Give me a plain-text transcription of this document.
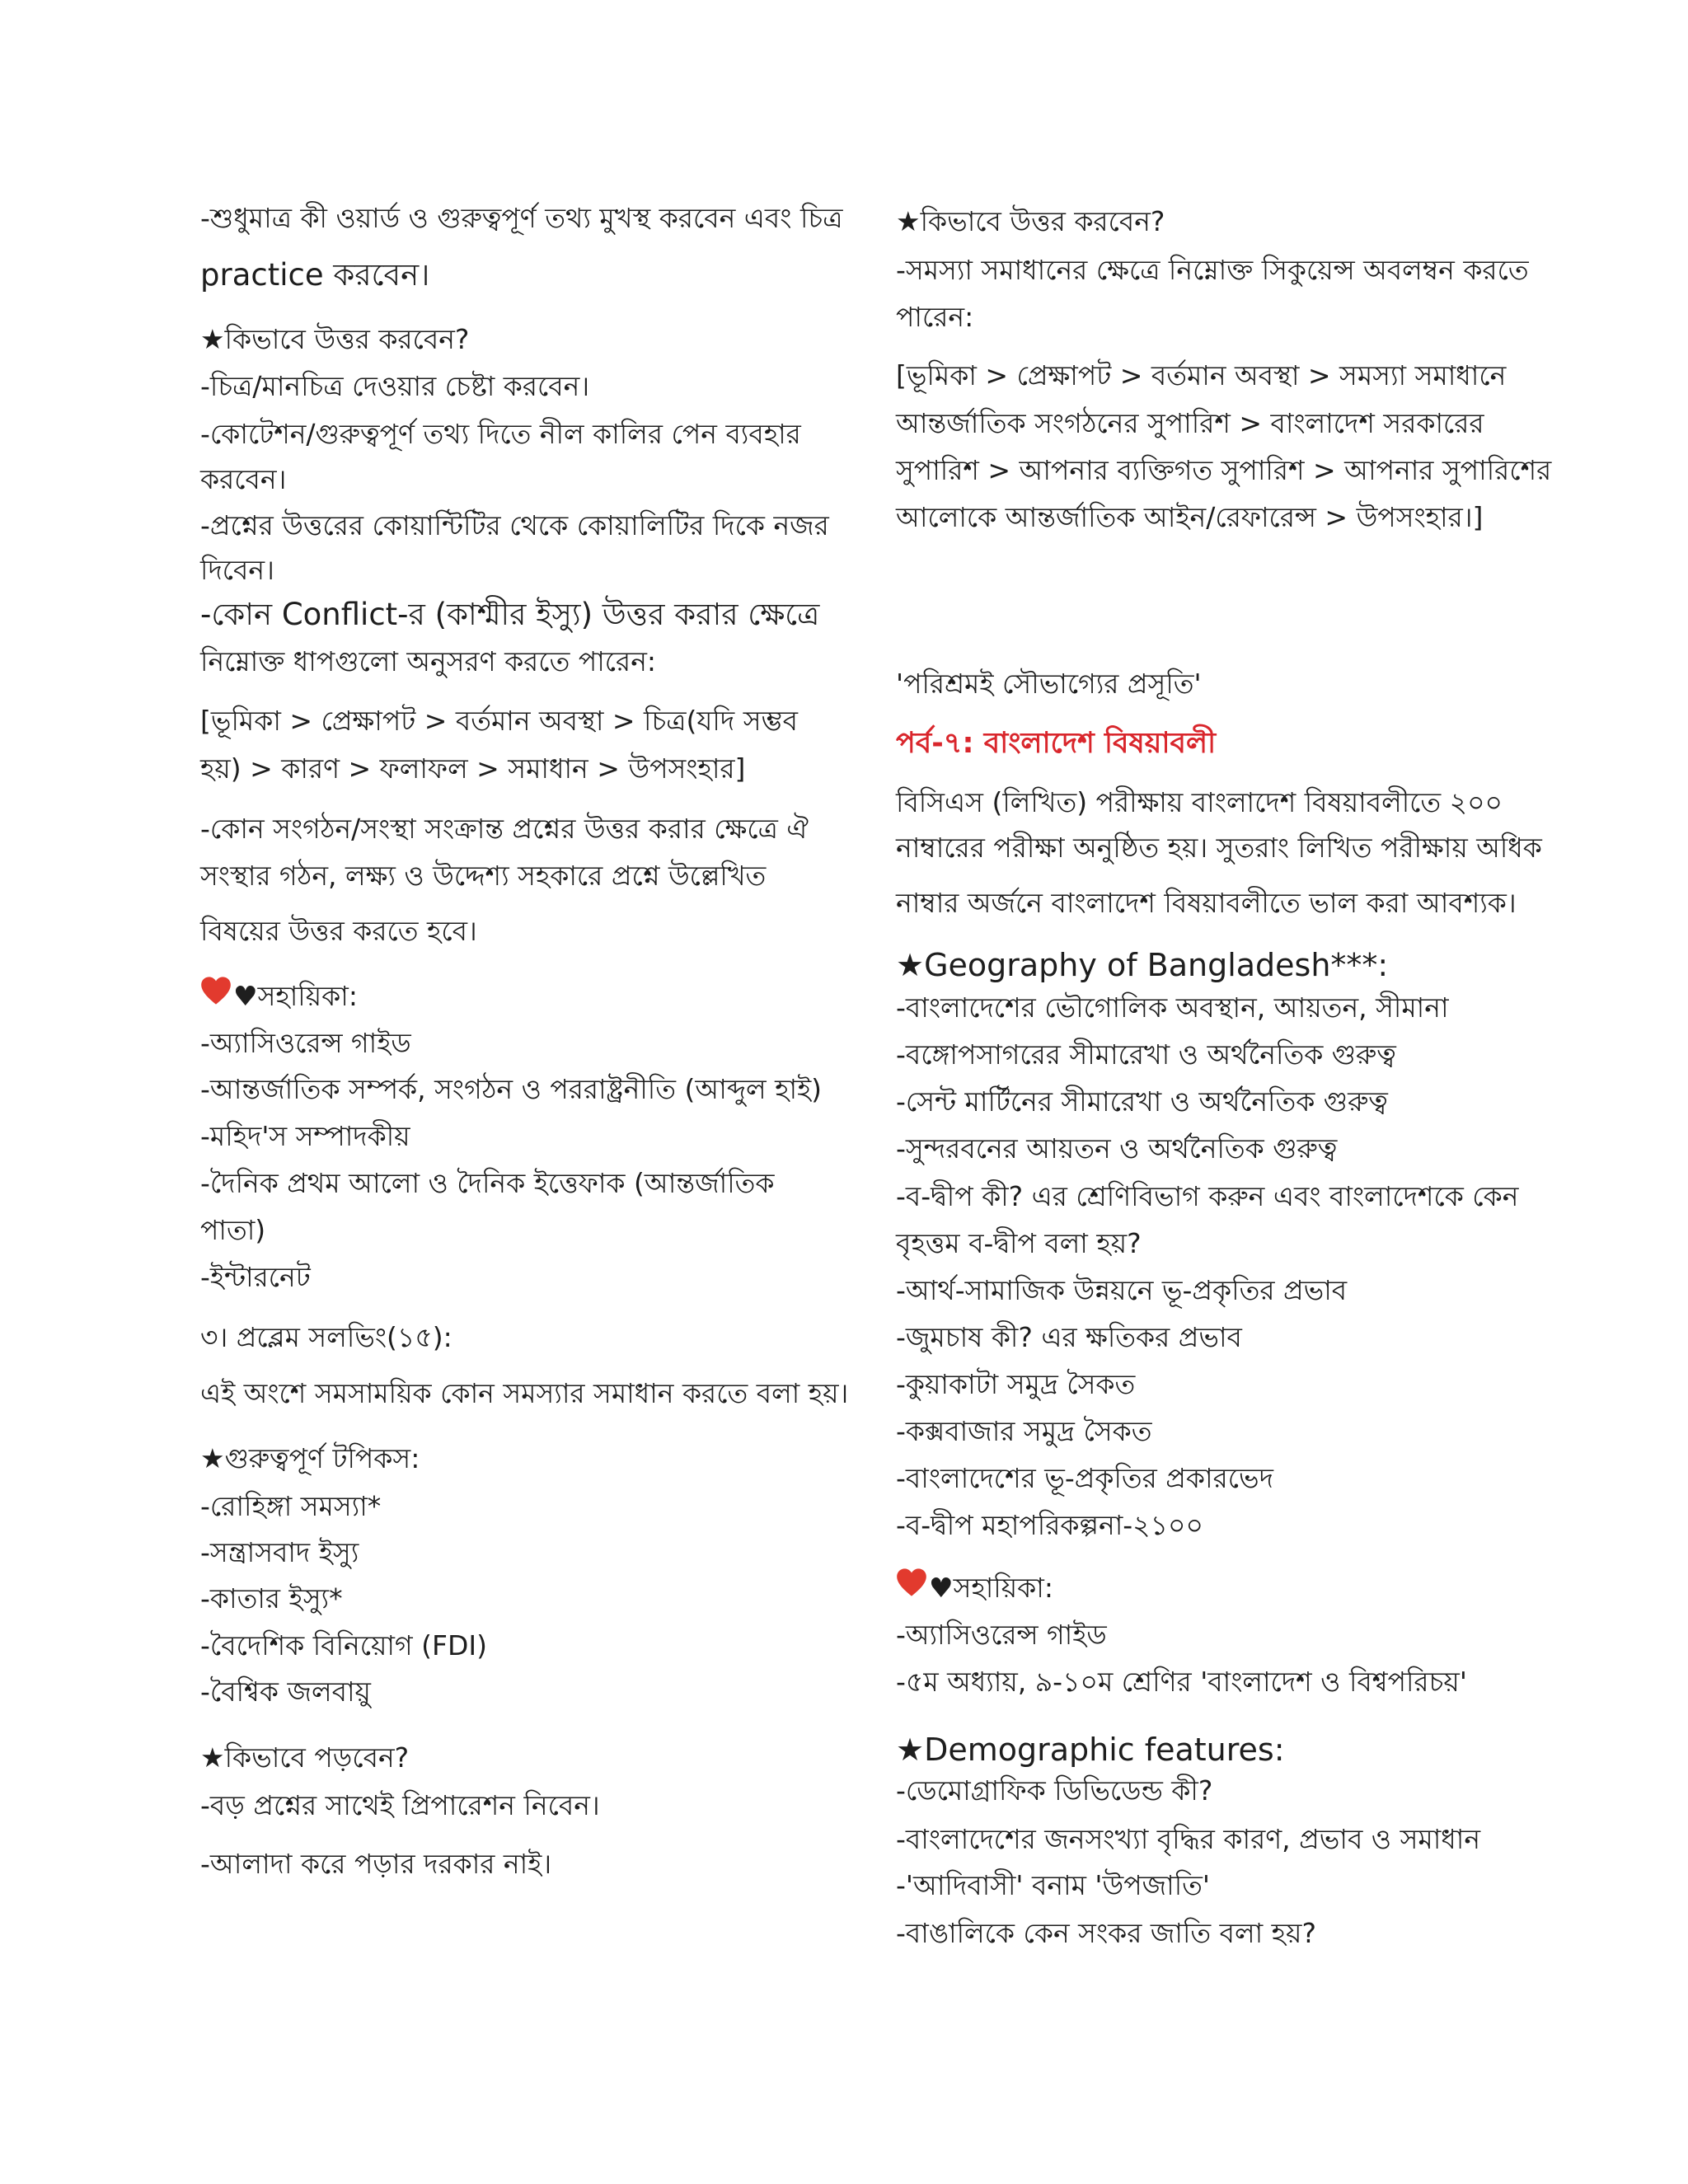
-শুধুমাত্র কী ওয়ার্ড ও গুরুত্বপূর্ণ তথ্য মুখস্থ করবেন এবং চিত্র
practice করবেন।
★কিভাবে উত্তর করবেন?
-চিত্র/মানচিত্র দেওয়ার চেষ্টা করবেন।
-কোটেশন/গুরুত্বপূর্ণ তথ্য দিতে নীল কালির পেন ব্যবহার
করবেন।
-প্রশ্নের উত্তরের কোয়ান্টিটির থেকে কোয়ালিটির দিকে নজর
দিবেন।
-কোন Conflict-র (কাশ্মীর ইস্যু) উত্তর করার ক্ষেত্রে
নিম্নোক্ত ধাপগুলো অনুসরণ করতে পারেন:
[ভূমিকা > প্রেক্ষাপট > বর্তমান অবস্থা > চিত্র(যদি সম্ভব
হয়) > কারণ > ফলাফল > সমাধান > উপসংহার]
-কোন সংগঠন/সংস্থা সংক্রান্ত প্রশ্নের উত্তর করার ক্ষেত্রে ঐ
সংস্থার গঠন, লক্ষ্য ও উদ্দেশ্য সহকারে প্রশ্নে উল্লেখিত
বিষয়ের উত্তর করতে হবে।
♥সহায়িকা:
-অ্যাসিওরেন্স গাইড
-আন্তর্জাতিক সম্পর্ক, সংগঠন ও পররাষ্ট্রনীতি (আব্দুল হাই)
-মহিদ'স সম্পাদকীয়
-দৈনিক প্রথম আলো ও দৈনিক ইত্তেফাক (আন্তর্জাতিক
পাতা)
-ইন্টারনেট
৩। প্রব্লেম সলভিং(১৫):
এই অংশে সমসাময়িক কোন সমস্যার সমাধান করতে বলা হয়।
★গুরুত্বপূর্ণ টপিকস:
-রোহিঙ্গা সমস্যা*
-সন্ত্রাসবাদ ইস্যু
-কাতার ইস্যু*
-বৈদেশিক বিনিয়োগ (FDI)
-বৈশ্বিক জলবায়ু
★কিভাবে পড়বেন?
-বড় প্রশ্নের সাথেই প্রিপারেশন নিবেন।
-আলাদা করে পড়ার দরকার নাই।
★কিভাবে উত্তর করবেন?
-সমস্যা সমাধানের ক্ষেত্রে নিম্নোক্ত সিকুয়েন্স অবলম্বন করতে
পারেন:
[ভূমিকা > প্রেক্ষাপট > বর্তমান অবস্থা > সমস্যা সমাধানে
আন্তর্জাতিক সংগঠনের সুপারিশ > বাংলাদেশ সরকারের
সুপারিশ > আপনার ব্যক্তিগত সুপারিশ > আপনার সুপারিশের
আলোকে আন্তর্জাতিক আইন/রেফারেন্স > উপসংহার।]
'পরিশ্রমই সৌভাগ্যের প্রসূতি'
পর্ব-৭: বাংলাদেশ বিষয়াবলী
বিসিএস (লিখিত) পরীক্ষায় বাংলাদেশ বিষয়াবলীতে ২০০
নাম্বারের পরীক্ষা অনুষ্ঠিত হয়। সুতরাং লিখিত পরীক্ষায় অধিক
নাম্বার অর্জনে বাংলাদেশ বিষয়াবলীতে ভাল করা আবশ্যক।
★Geography of Bangladesh***:
-বাংলাদেশের ভৌগোলিক অবস্থান, আয়তন, সীমানা
-বঙ্গোপসাগরের সীমারেখা ও অর্থনৈতিক গুরুত্ব
-সেন্ট মার্টিনের সীমারেখা ও অর্থনৈতিক গুরুত্ব
-সুন্দরবনের আয়তন ও অর্থনৈতিক গুরুত্ব
-ব-দ্বীপ কী? এর শ্রেণিবিভাগ করুন এবং বাংলাদেশকে কেন
বৃহত্তম ব-দ্বীপ বলা হয়?
-আর্থ-সামাজিক উন্নয়নে ভূ-প্রকৃতির প্রভাব
-জুমচাষ কী? এর ক্ষতিকর প্রভাব
-কুয়াকাটা সমুদ্র সৈকত
-কক্সবাজার সমুদ্র সৈকত
-বাংলাদেশের ভূ-প্রকৃতির প্রকারভেদ
-ব-দ্বীপ মহাপরিকল্পনা-২১০০
♥সহায়িকা:
-অ্যাসিওরেন্স গাইড
-৫ম অধ্যায়, ৯-১০ম শ্রেণির 'বাংলাদেশ ও বিশ্বপরিচয়'
★Demographic features:
-ডেমোগ্রাফিক ডিভিডেন্ড কী?
-বাংলাদেশের জনসংখ্যা বৃদ্ধির কারণ, প্রভাব ও সমাধান
-'আদিবাসী' বনাম 'উপজাতি'
-বাঙালিকে কেন সংকর জাতি বলা হয়?
